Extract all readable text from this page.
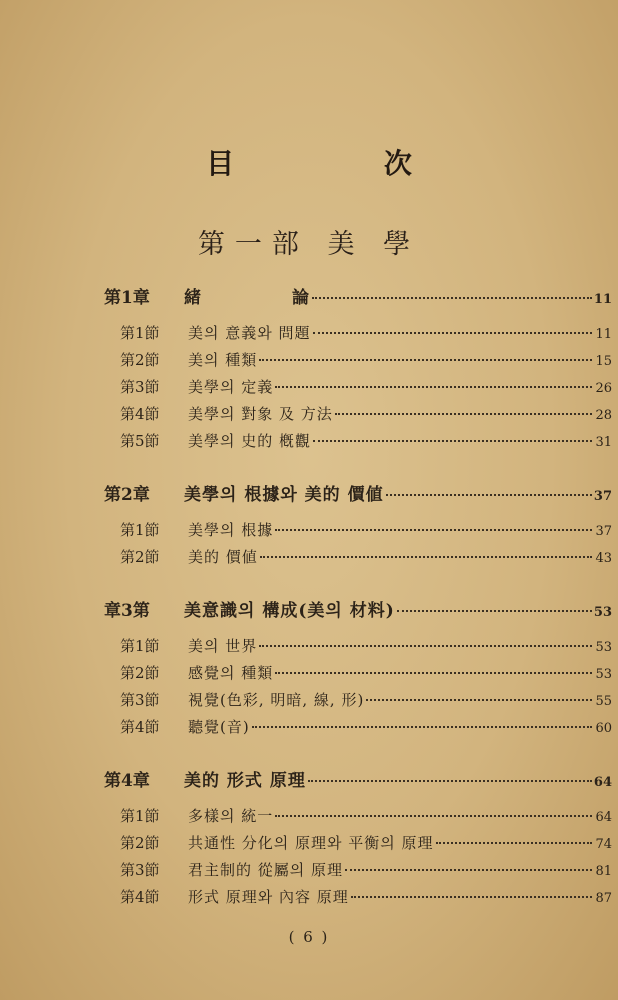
目 次
第一部 美 學
第1章	緒　　　　　論	11
第1節	美의 意義와 問題	11
第2節	美의 種類	15
第3節	美學의 定義	26
第4節	美學의 對象 及 方法	28
第5節	美學의 史的 槪觀	31
第2章	美學의 根據와 美的 價値	37
第1節	美學의 根據	37
第2節	美的 價値	43
章3第	美意識의 構成(美의 材料)	53
第1節	美의 世界	53
第2節	感覺의 種類	53
第3節	視覺(色彩, 明暗, 線, 形)	55
第4節	聽覺(音)	60
第4章	美的 形式 原理	64
第1節	多樣의 統一	64
第2節	共通性 分化의 原理와 平衡의 原理	74
第3節	君主制的 從屬의 原理	81
第4節	形式 原理와 內容 原理	87
( 6 )
